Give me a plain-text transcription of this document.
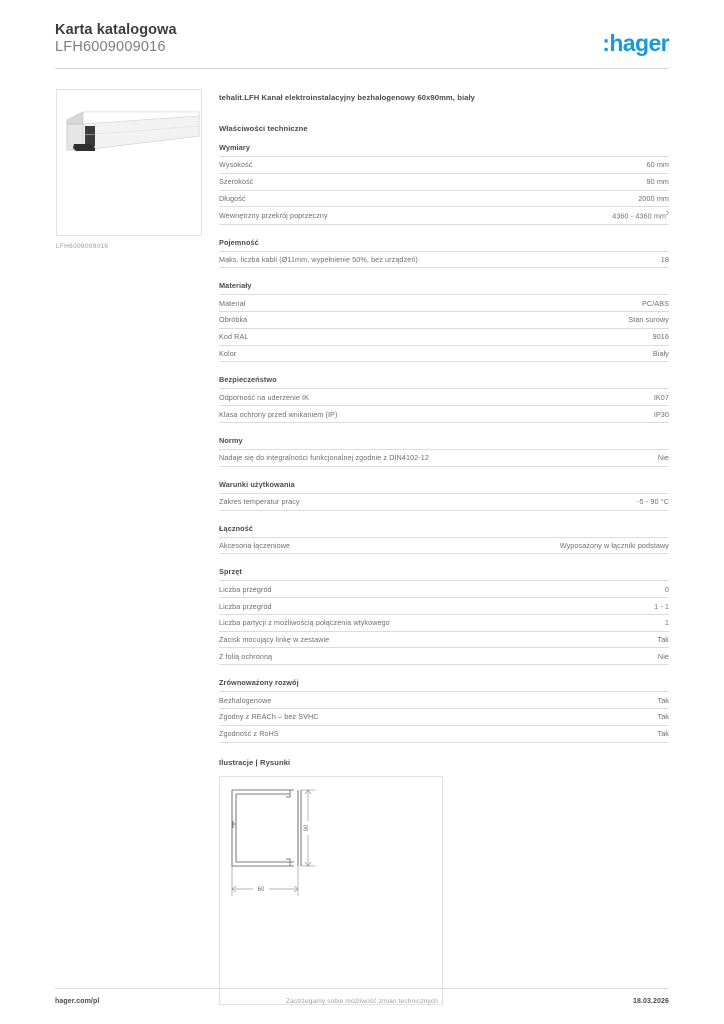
Karta katalogowa
LFH6009009016	:hager
LFH6009009016
tehalit.LFH Kanał elektroinstalacyjny bezhalogenowy 60x90mm, biały
Właściwości techniczne
Wymiary
Wysokość	60 mm
Szerokość	90 mm
Długość	2000 mm
Wewnętrzny przekrój poprzeczny	4360 - 4360 $mm^2$
Pojemność
Maks. liczba kabli (Ø11mm, wypełnienie 50%, bez urządzeń)	18
Materiały
Materiał	PC/ABS
Obróbka	Stan surowy
Kod RAL	9016
Kolor	Biały
Bezpieczeństwo
Odporność na uderzenie IK	IK07
Klasa ochrony przed wnikaniem (IP)	IP30
Normy
Nadaje się do integralności funkcjonalnej zgodnie z DIN4102-12	Nie
Warunki użytkowania
Zakres temperatur pracy	-5 - 90 °C
Łączność
Akcesoria łączeniowe	Wyposażony w łączniki podstawy
Sprzęt
Liczba przegród	0
Liczba przegród	1 - 1
Liczba partycji z możliwością połączenia wtykowego	1
Zacisk mocujący linkę w zestawie	Tak
Z folią ochronną	Nie
Zrównoważony rozwój
Bezhalogenowe	Tak
Zgodny z REACh – bez SVHC	Tak
Zgodność z RoHS	Tak
Ilustracje | Rysunki
90
60
hager.com/pl	Zastrzegamy sobie możliwość zmian technicznych	18.03.2026
